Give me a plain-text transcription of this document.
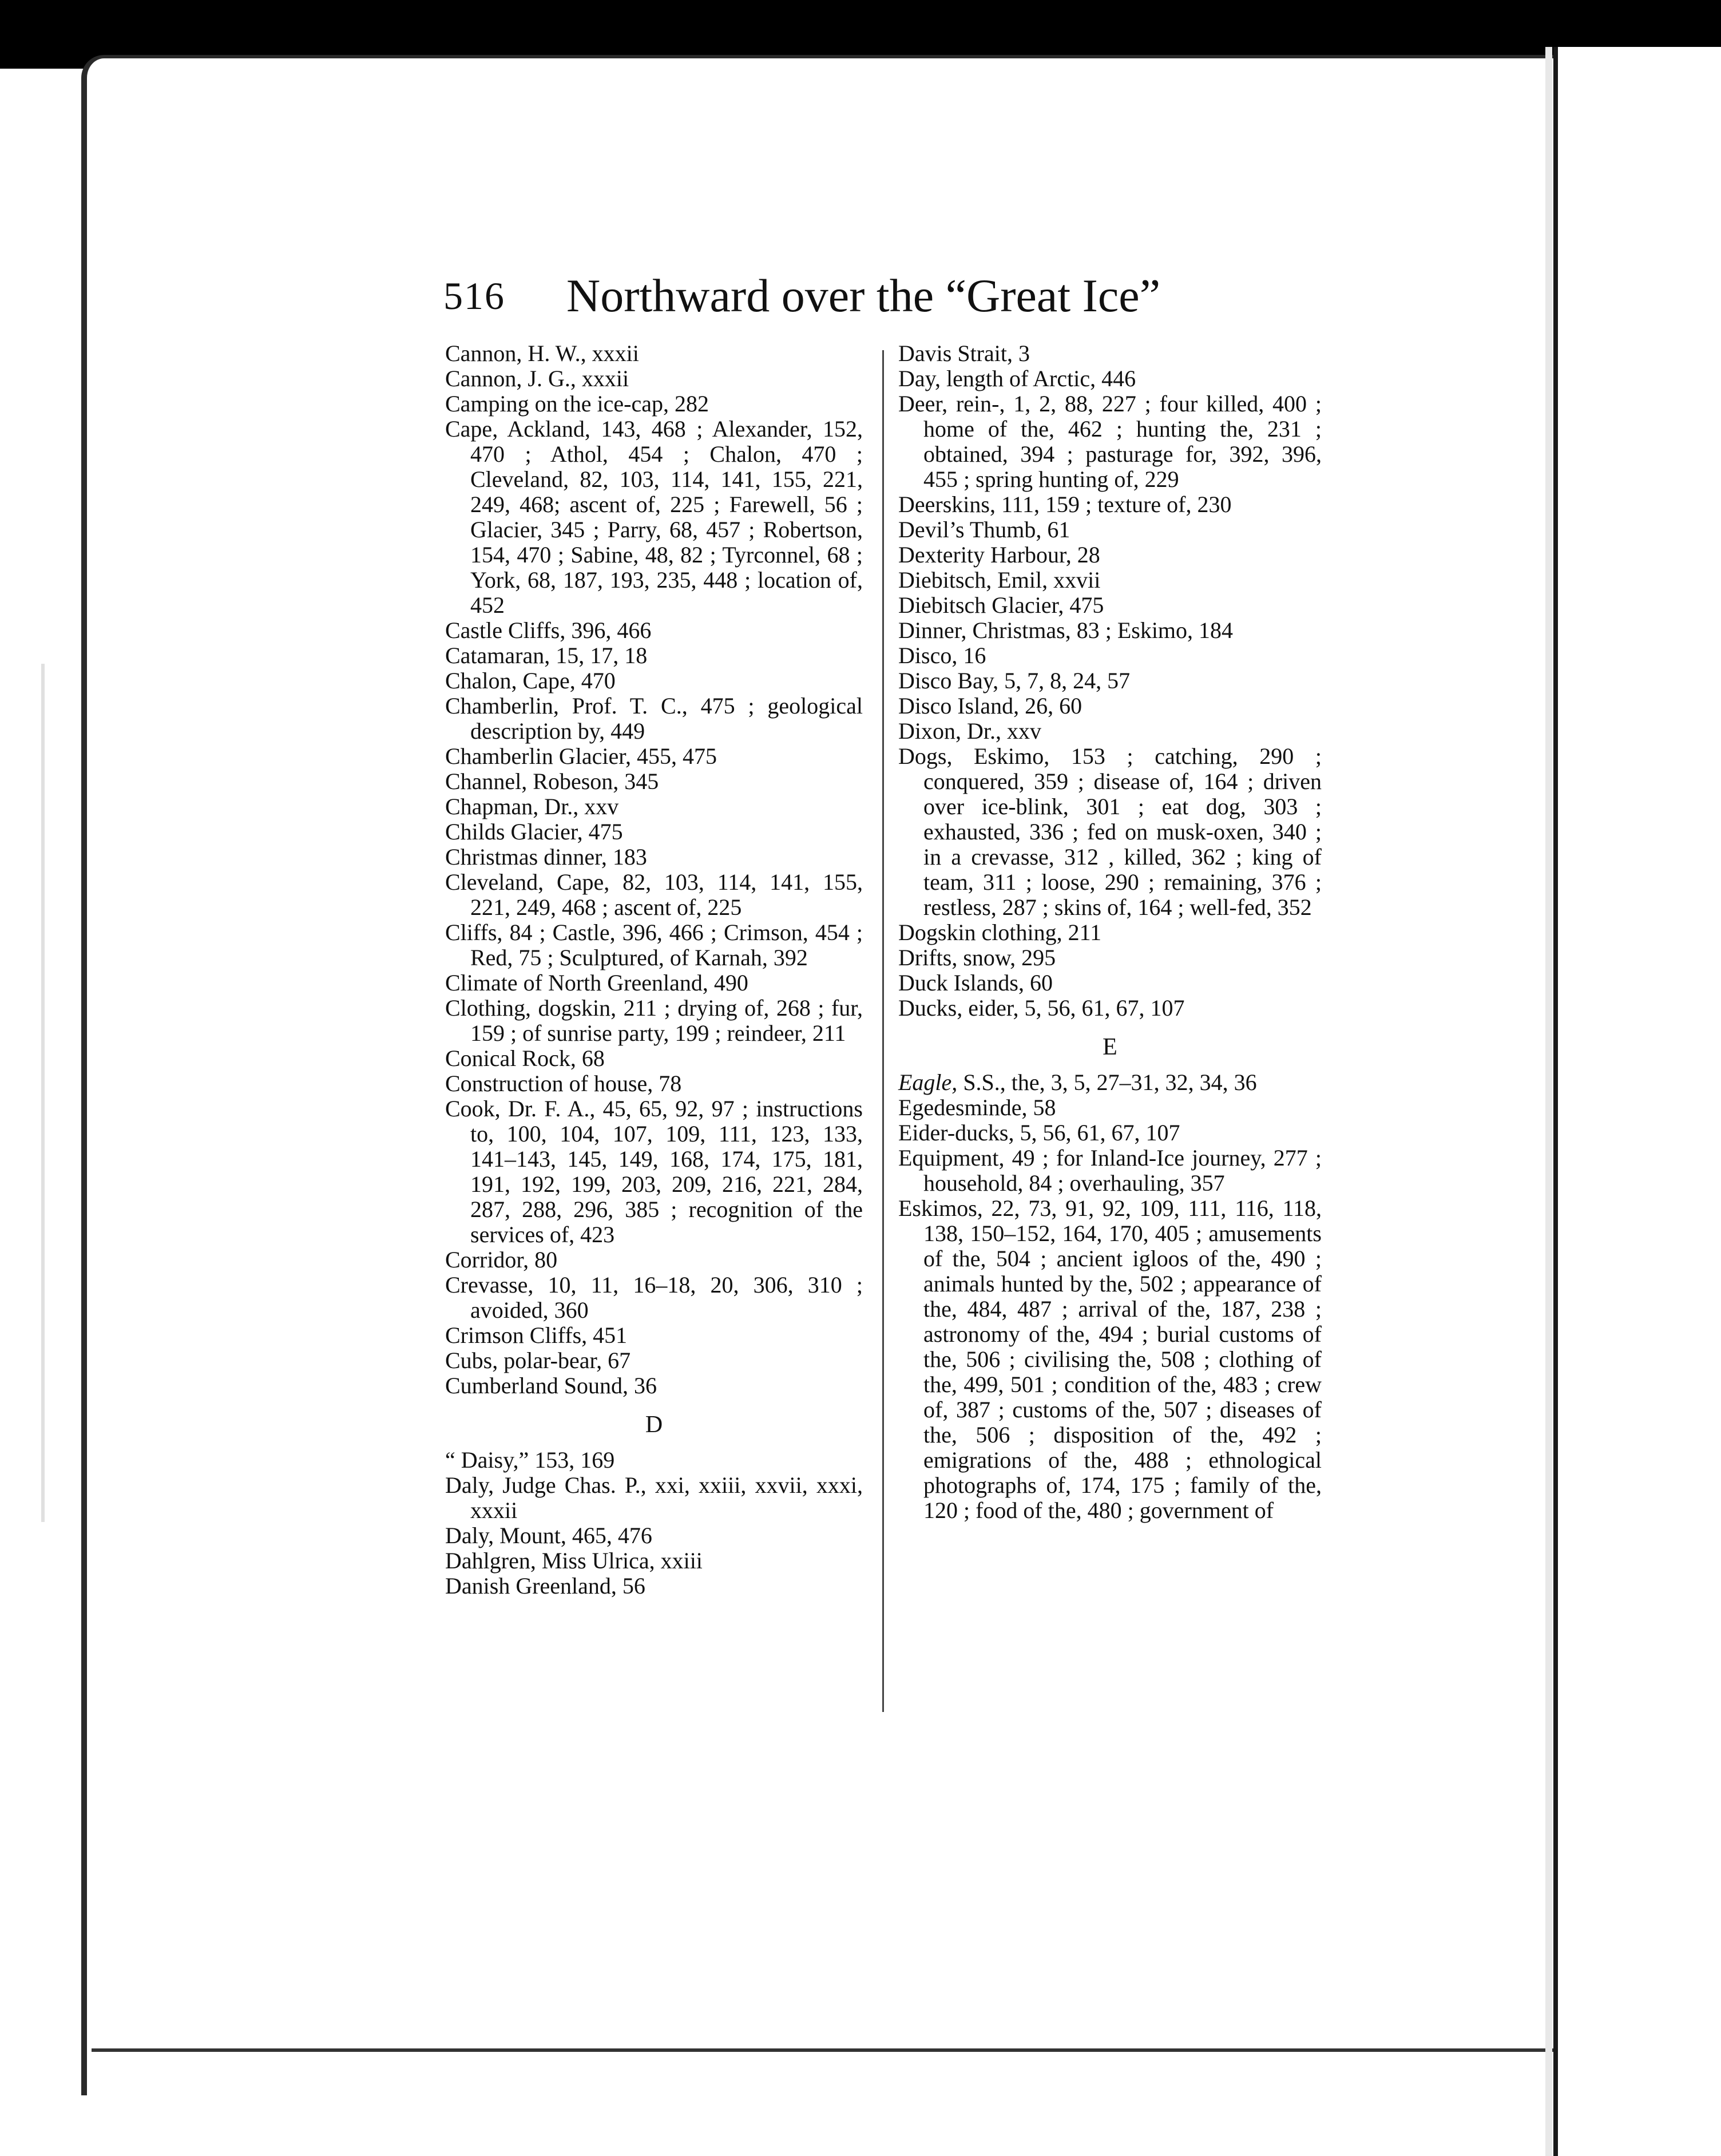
516 Northward over the “Great Ice”

Cannon, H. W., xxxii

Cannon, J. G., xxxii

Camping on the ice-cap, 282

Cape, Ackland, 143, 468 ; Alexander, 152, 470 ; Athol, 454 ; Chalon, 470 ; Cleveland, 82, 103, 114, 141, 155, 221, 249, 468; ascent of, 225 ; Farewell, 56 ; Glacier, 345 ; Parry, 68, 457 ; Robertson, 154, 470 ; Sabine, 48, 82 ; Tyrconnel, 68 ; York, 68, 187, 193, 235, 448 ; location of, 452

Castle Cliffs, 396, 466

Catamaran, 15, 17, 18

Chalon, Cape, 470

Chamberlin, Prof. T. C., 475 ; geological description by, 449

Chamberlin Glacier, 455, 475

Channel, Robeson, 345

Chapman, Dr., xxv

Childs Glacier, 475

Christmas dinner, 183

Cleveland, Cape, 82, 103, 114, 141, 155, 221, 249, 468 ; ascent of, 225

Cliffs, 84 ; Castle, 396, 466 ; Crimson, 454 ; Red, 75 ; Sculptured, of Karnah, 392

Climate of North Greenland, 490

Clothing, dogskin, 211 ; drying of, 268 ; fur, 159 ; of sunrise party, 199 ; reindeer, 211

Conical Rock, 68

Construction of house, 78

Cook, Dr. F. A., 45, 65, 92, 97 ; instructions to, 100, 104, 107, 109, 111, 123, 133, 141–143, 145, 149, 168, 174, 175, 181, 191, 192, 199, 203, 209, 216, 221, 284, 287, 288, 296, 385 ; recognition of the services of, 423

Corridor, 80

Crevasse, 10, 11, 16–18, 20, 306, 310 ; avoided, 360

Crimson Cliffs, 451

Cubs, polar-bear, 67

Cumberland Sound, 36

D

“ Daisy,” 153, 169

Daly, Judge Chas. P., xxi, xxiii, xxvii, xxxi, xxxii

Daly, Mount, 465, 476

Dahlgren, Miss Ulrica, xxiii

Danish Greenland, 56

Davis Strait, 3

Day, length of Arctic, 446

Deer, rein-, 1, 2, 88, 227 ; four killed, 400 ; home of the, 462 ; hunting the, 231 ; obtained, 394 ; pasturage for, 392, 396, 455 ; spring hunting of, 229

Deerskins, 111, 159 ; texture of, 230

Devil’s Thumb, 61

Dexterity Harbour, 28

Diebitsch, Emil, xxvii

Diebitsch Glacier, 475

Dinner, Christmas, 83 ; Eskimo, 184

Disco, 16

Disco Bay, 5, 7, 8, 24, 57

Disco Island, 26, 60

Dixon, Dr., xxv

Dogs, Eskimo, 153 ; catching, 290 ; conquered, 359 ; disease of, 164 ; driven over ice-blink, 301 ; eat dog, 303 ; exhausted, 336 ; fed on musk-oxen, 340 ; in a crevasse, 312 , killed, 362 ; king of team, 311 ; loose, 290 ; remaining, 376 ; restless, 287 ; skins of, 164 ; well-fed, 352

Dogskin clothing, 211

Drifts, snow, 295

Duck Islands, 60

Ducks, eider, 5, 56, 61, 67, 107

E

Eagle, S.S., the, 3, 5, 27–31, 32, 34, 36

Egedesminde, 58

Eider-ducks, 5, 56, 61, 67, 107

Equipment, 49 ; for Inland-Ice journey, 277 ; household, 84 ; overhauling, 357

Eskimos, 22, 73, 91, 92, 109, 111, 116, 118, 138, 150–152, 164, 170, 405 ; amusements of the, 504 ; ancient igloos of the, 490 ; animals hunted by the, 502 ; appearance of the, 484, 487 ; arrival of the, 187, 238 ; astronomy of the, 494 ; burial customs of the, 506 ; civilising the, 508 ; clothing of the, 499, 501 ; condition of the, 483 ; crew of, 387 ; customs of the, 507 ; diseases of the, 506 ; disposition of the, 492 ; emigrations of the, 488 ; ethnological photographs of, 174, 175 ; family of the, 120 ; food of the, 480 ; government of
